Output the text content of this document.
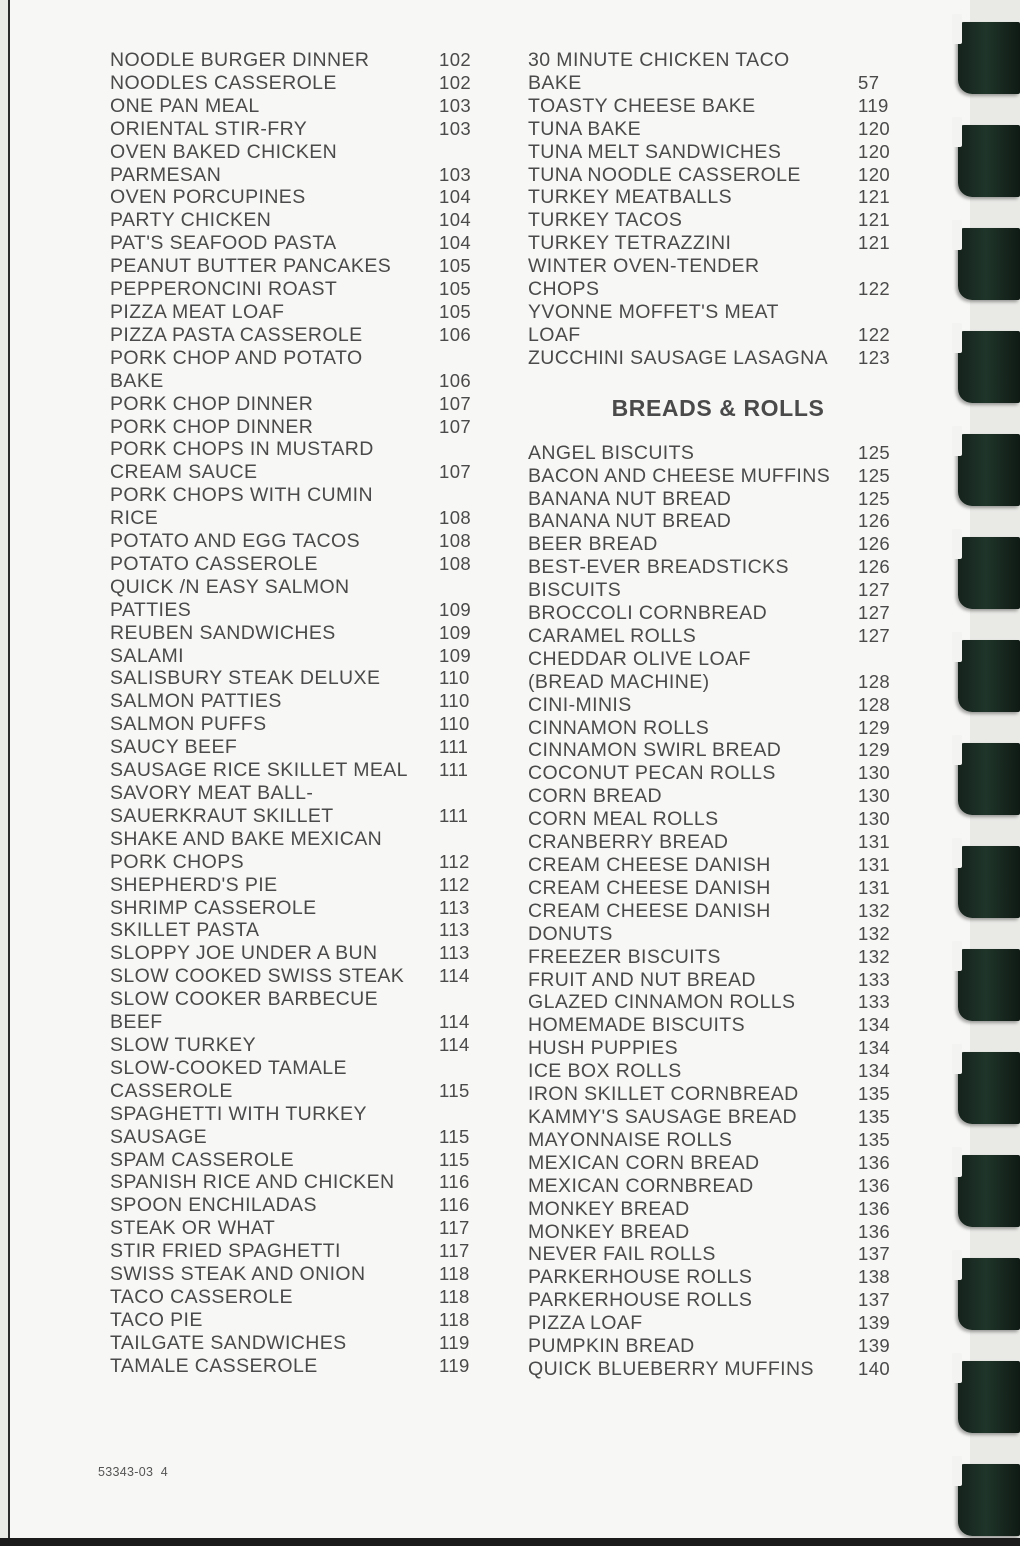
NOODLE BURGER DINNER	102
NOODLES CASSEROLE	102
ONE PAN MEAL	103
ORIENTAL STIR-FRY	103
OVEN BAKED CHICKEN
PARMESAN	103
OVEN PORCUPINES	104
PARTY CHICKEN	104
PAT'S SEAFOOD PASTA	104
PEANUT BUTTER PANCAKES	105
PEPPERONCINI ROAST	105
PIZZA MEAT LOAF	105
PIZZA PASTA CASSEROLE	106
PORK CHOP AND POTATO
BAKE	106
PORK CHOP DINNER	107
PORK CHOP DINNER	107
PORK CHOPS IN MUSTARD
CREAM SAUCE	107
PORK CHOPS WITH CUMIN
RICE	108
POTATO AND EGG TACOS	108
POTATO CASSEROLE	108
QUICK /N EASY SALMON
PATTIES	109
REUBEN SANDWICHES	109
SALAMI	109
SALISBURY STEAK DELUXE	110
SALMON PATTIES	110
SALMON PUFFS	110
SAUCY BEEF	111
SAUSAGE RICE SKILLET MEAL	111
SAVORY MEAT BALL-
SAUERKRAUT SKILLET	111
SHAKE AND BAKE MEXICAN
PORK CHOPS	112
SHEPHERD'S PIE	112
SHRIMP CASSEROLE	113
SKILLET PASTA	113
SLOPPY JOE UNDER A BUN	113
SLOW COOKED SWISS STEAK	114
SLOW COOKER BARBECUE
BEEF	114
SLOW TURKEY	114
SLOW-COOKED TAMALE
CASSEROLE	115
SPAGHETTI WITH TURKEY
SAUSAGE	115
SPAM CASSEROLE	115
SPANISH RICE AND CHICKEN	116
SPOON ENCHILADAS	116
STEAK OR WHAT	117
STIR FRIED SPAGHETTI	117
SWISS STEAK AND ONION	118
TACO CASSEROLE	118
TACO PIE	118
TAILGATE SANDWICHES	119
TAMALE CASSEROLE	119
30 MINUTE CHICKEN TACO
BAKE	57
TOASTY CHEESE BAKE	119
TUNA BAKE	120
TUNA MELT SANDWICHES	120
TUNA NOODLE CASSEROLE	120
TURKEY MEATBALLS	121
TURKEY TACOS	121
TURKEY TETRAZZINI	121
WINTER OVEN-TENDER
CHOPS	122
YVONNE MOFFET'S MEAT
LOAF	122
ZUCCHINI SAUSAGE LASAGNA	123
BREADS & ROLLS
ANGEL BISCUITS	125
BACON AND CHEESE MUFFINS	125
BANANA NUT BREAD	125
BANANA NUT BREAD	126
BEER BREAD	126
BEST-EVER BREADSTICKS	126
BISCUITS	127
BROCCOLI CORNBREAD	127
CARAMEL ROLLS	127
CHEDDAR OLIVE LOAF
(BREAD MACHINE)	128
CINI-MINIS	128
CINNAMON ROLLS	129
CINNAMON SWIRL BREAD	129
COCONUT PECAN ROLLS	130
CORN BREAD	130
CORN MEAL ROLLS	130
CRANBERRY BREAD	131
CREAM CHEESE DANISH	131
CREAM CHEESE DANISH	131
CREAM CHEESE DANISH	132
DONUTS	132
FREEZER BISCUITS	132
FRUIT AND NUT BREAD	133
GLAZED CINNAMON ROLLS	133
HOMEMADE BISCUITS	134
HUSH PUPPIES	134
ICE BOX ROLLS	134
IRON SKILLET CORNBREAD	135
KAMMY'S SAUSAGE BREAD	135
MAYONNAISE ROLLS	135
MEXICAN CORN BREAD	136
MEXICAN CORNBREAD	136
MONKEY BREAD	136
MONKEY BREAD	136
NEVER FAIL ROLLS	137
PARKERHOUSE ROLLS	138
PARKERHOUSE ROLLS	137
PIZZA LOAF	139
PUMPKIN BREAD	139
QUICK BLUEBERRY MUFFINS	140
53343-03 4
